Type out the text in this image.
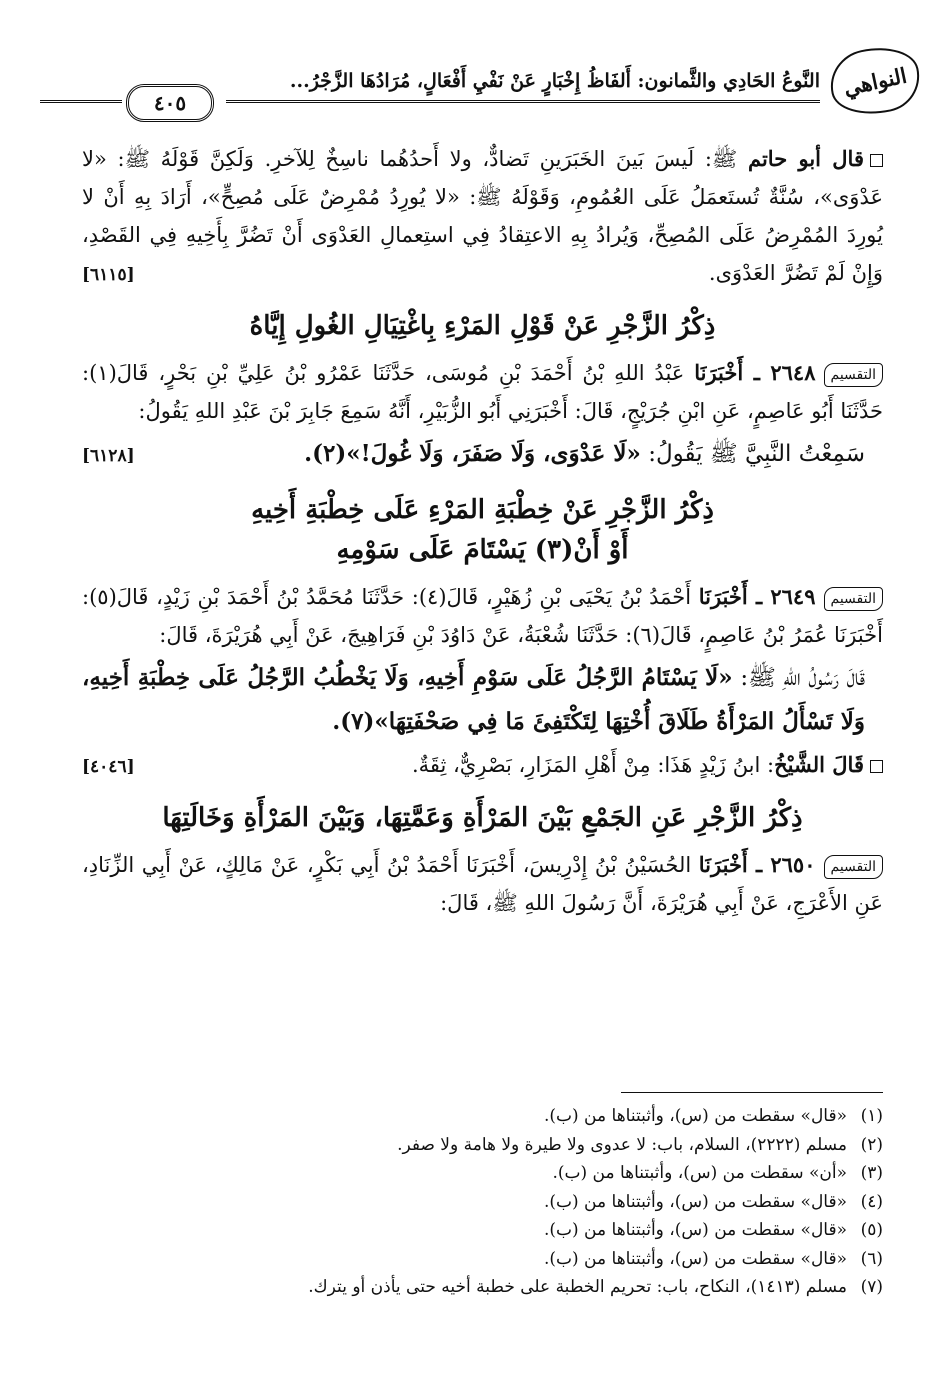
النواهي
النَّوعُ الحَادِي والثَّمانون: أَلفَاظُ إِخْبَارٍ عَنْ نَفْيِ أَفْعَالٍ، مُرَادُهَا الزَّجْرُ...
٤٠٥

قال أبو حاتم ﷺ: لَيسَ بَينَ الخَبَرَينِ تَضادٌّ، ولا أَحدُهُما ناسِخٌ لِلآخرِ. وَلَكِنَّ قَوْلَهُ ﷺ: «لا عَدْوَى»، سُنَّةٌ تُستَعمَلُ عَلَى العُمُومِ، وَقَوْلَهُ ﷺ: «لا يُورِدُ مُمْرِضٌ عَلَى مُصِحٍّ»، أَرَادَ بِهِ أَنْ لا يُورِدَ المُمْرِضُ عَلَى المُصِحِّ، وَيُرادُ بِهِ الاعتِقادُ فِي استِعمالِ العَدْوَى أَنْ تَضُرَّ بِأَخِيهِ فِي القَصْدِ، وَإِنْ لَمْ تَضُرَّ العَدْوَى.
[٦١١٥]

ذِكْرُ الزَّجْرِ عَنْ قَوْلِ المَرْءِ بِاغْتِيَالِ الغُولِ إِيَّاهُ

التقسيم٢٦٤٨ ـ أَخْبَرَنَا عَبْدُ اللهِ بْنُ أَحْمَدَ بْنِ مُوسَى، حَدَّثَنَا عَمْرُو بْنُ عَلِيِّ بْنِ بَحْرٍ، قَالَ(١): حَدَّثَنَا أَبُو عَاصِمٍ، عَنِ ابْنِ جُرَيْجٍ، قَالَ: أَخْبَرَنِي أَبُو الزُّبَيْرِ، أَنَّهُ سَمِعَ جَابِرَ بْنَ عَبْدِ اللهِ يَقُولُ:

سَمِعْتُ النَّبِيَّ ﷺ يَقُولُ: «لَا عَدْوَى، وَلَا صَفَرَ، وَلَا غُولَ!»(٢).
[٦١٢٨]

ذِكْرُ الزَّجْرِ عَنْ خِطْبَةِ المَرْءِ عَلَى خِطْبَةِ أَخِيهِ
أَوْ أَنْ(٣) يَسْتَامَ عَلَى سَوْمِهِ

التقسيم٢٦٤٩ ـ أَخْبَرَنَا أَحْمَدُ بْنُ يَحْيَى بْنِ زُهَيْرٍ، قَالَ(٤): حَدَّثَنَا مُحَمَّدُ بْنُ أَحْمَدَ بْنِ زَيْدٍ، قَالَ(٥): أَخْبَرَنَا عُمَرُ بْنُ عَاصِمٍ، قَالَ(٦): حَدَّثَنَا شُعْبَةُ، عَنْ دَاوُدَ بْنِ فَرَاهِيجَ، عَنْ أَبِي هُرَيْرَةَ، قَالَ:

قَالَ رَسُولُ اللهِ ﷺ: «لَا يَسْتَامُ الرَّجُلُ عَلَى سَوْمِ أَخِيهِ، وَلَا يَخْطُبُ الرَّجُلُ عَلَى خِطْبَةِ أَخِيهِ، وَلَا تَسْأَلُ المَرْأَةُ طَلَاقَ أُخْتِهَا لِتَكْتَفِئَ مَا فِي صَحْفَتِهَا»(٧).

قَالَ الشَّيْخُ: ابنُ زَيْدٍ هَذَا: مِنْ أَهْلِ المَزَارِ، بَصْرِيٌّ، ثِقَةٌ.
[٤٠٤٦]

ذِكْرُ الزَّجْرِ عَنِ الجَمْعِ بَيْنَ المَرْأَةِ وَعَمَّتِهَا، وَبَيْنَ المَرْأَةِ وَخَالَتِهَا

التقسيم٢٦٥٠ ـ أَخْبَرَنَا الحُسَيْنُ بْنُ إِدْرِيسَ، أَخْبَرَنَا أَحْمَدُ بْنُ أَبِي بَكْرٍ، عَنْ مَالِكٍ، عَنْ أَبِي الزِّنَادِ، عَنِ الأَعْرَجِ، عَنْ أَبِي هُرَيْرَةَ، أَنَّ رَسُولَ اللهِ ﷺ، قَالَ:

(١)«قال» سقطت من (س)، وأثبتناها من (ب).

(٢)مسلم (٢٢٢٢)، السلام، باب: لا عدوى ولا طيرة ولا هامة ولا صفر.

(٣)«أن» سقطت من (س)، وأثبتناها من (ب).

(٤)«قال» سقطت من (س)، وأثبتناها من (ب).

(٥)«قال» سقطت من (س)، وأثبتناها من (ب).

(٦)«قال» سقطت من (س)، وأثبتناها من (ب).

(٧)مسلم (١٤١٣)، النكاح، باب: تحريم الخطبة على خطبة أخيه حتى يأذن أو يترك.
